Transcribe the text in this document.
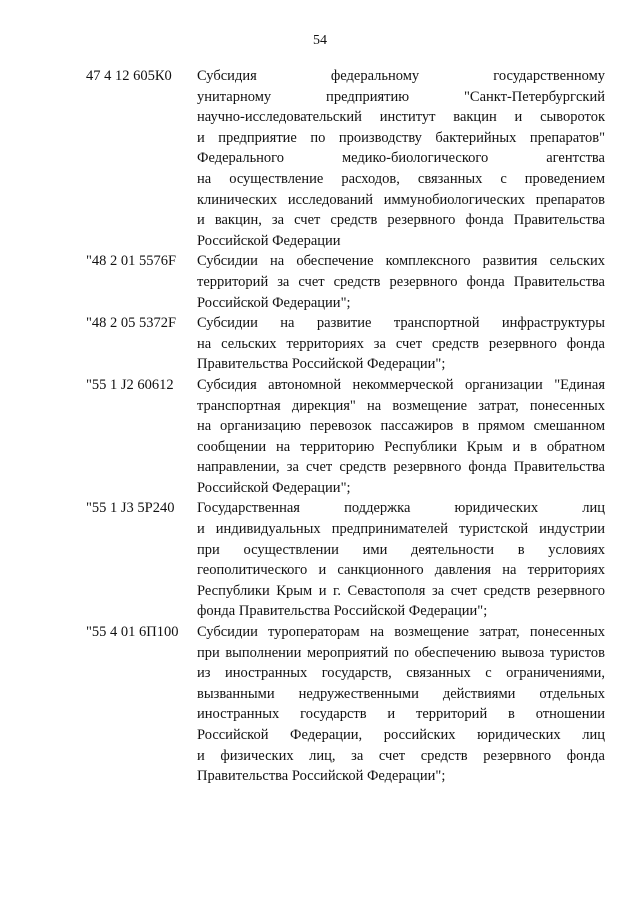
54
47 4 12 605К0	Субсидия федеральному государственному
унитарному предприятию "Санкт-Петербургский
научно-исследовательский институт вакцин и сывороток
и предприятие по производству бактерийных препаратов"
Федерального медико-биологического агентства
на осуществление расходов, связанных с проведением
клинических исследований иммунобиологических препаратов
и вакцин, за счет средств резервного фонда Правительства
Российской Федерации
"48 2 01 5576F	Субсидии на обеспечение комплексного развития сельских
территорий за счет средств резервного фонда Правительства
Российской Федерации";
"48 2 05 5372F	Субсидии на развитие транспортной инфраструктуры
на сельских территориях за счет средств резервного фонда
Правительства Российской Федерации";
"55 1 J2 60612	Субсидия автономной некоммерческой организации "Единая
транспортная дирекция" на возмещение затрат, понесенных
на организацию перевозок пассажиров в прямом смешанном
сообщении на территорию Республики Крым и в обратном
направлении, за счет средств резервного фонда Правительства
Российской Федерации";
"55 1 J3 5P240	Государственная поддержка юридических лиц
и индивидуальных предпринимателей туристской индустрии
при осуществлении ими деятельности в условиях
геополитического и санкционного давления на территориях
Республики Крым и г. Севастополя за счет средств резервного
фонда Правительства Российской Федерации";
"55 4 01 6П100	Субсидии туроператорам на возмещение затрат, понесенных
при выполнении мероприятий по обеспечению вывоза туристов
из иностранных государств, связанных с ограничениями,
вызванными недружественными действиями отдельных
иностранных государств и территорий в отношении
Российской Федерации, российских юридических лиц
и физических лиц, за счет средств резервного фонда
Правительства Российской Федерации";
